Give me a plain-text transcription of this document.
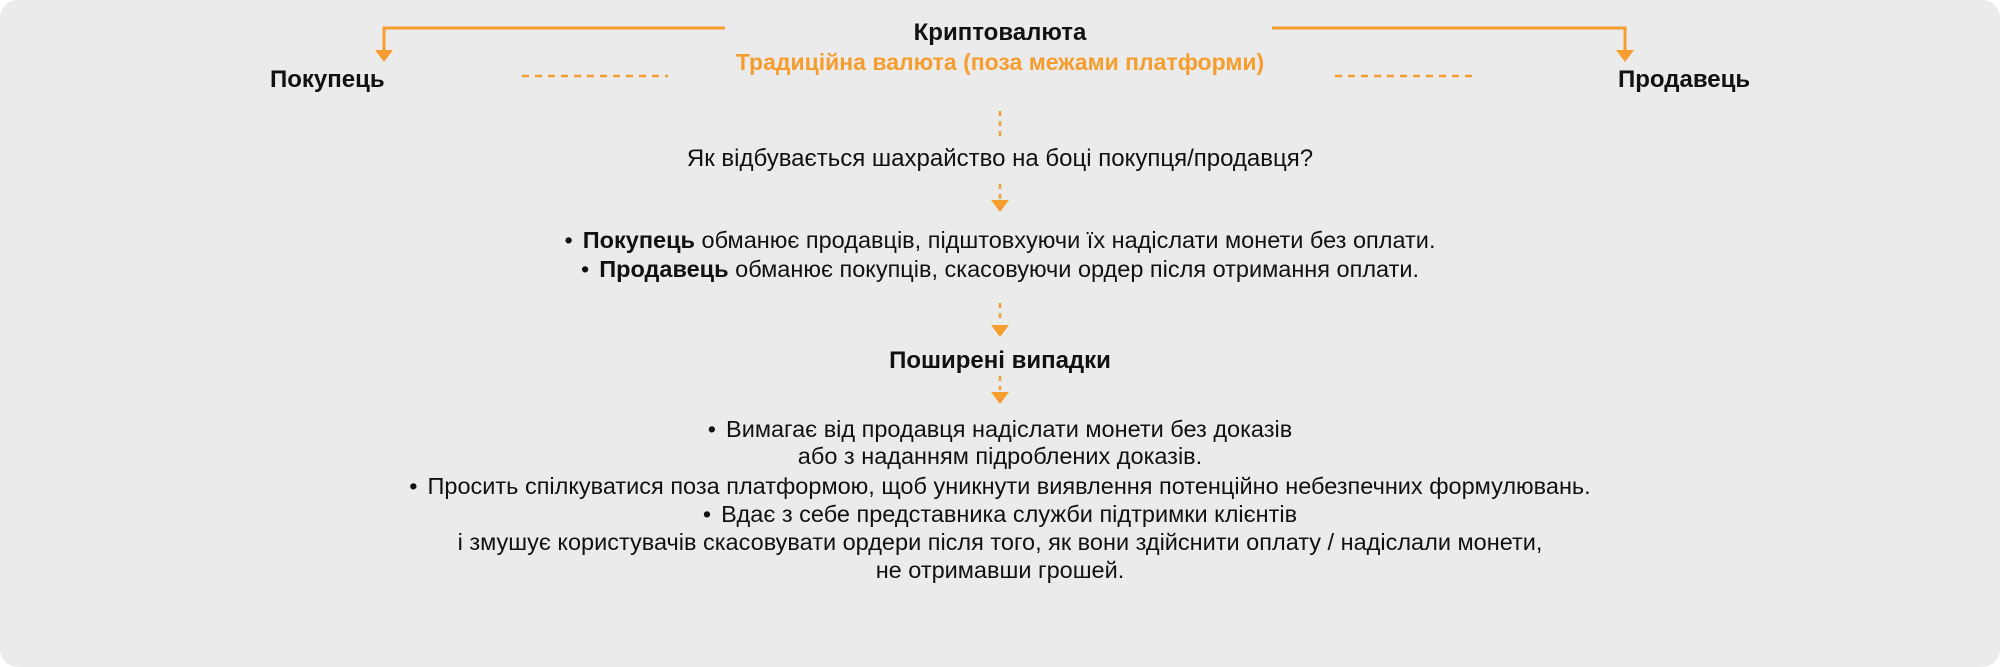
Криптовалюта
Традиційна валюта (поза межами платформи)
Покупець	Продавець
Як відбувається шахрайство на боці покупця/продавця?
• Покупець обманює продавців, підштовхуючи їх надіслати монети без оплати.
• Продавець обманює покупців, скасовуючи ордер після отримання оплати.
Поширені випадки
• Вимагає від продавця надіслати монети без доказів
або з наданням підроблених доказів.
• Просить спілкуватися поза платформою, щоб уникнути виявлення потенційно небезпечних формулювань.
• Вдає з себе представника служби підтримки клієнтів
і змушує користувачів скасовувати ордери після того, як вони здійснити оплату / надіслали монети,
не отримавши грошей.
